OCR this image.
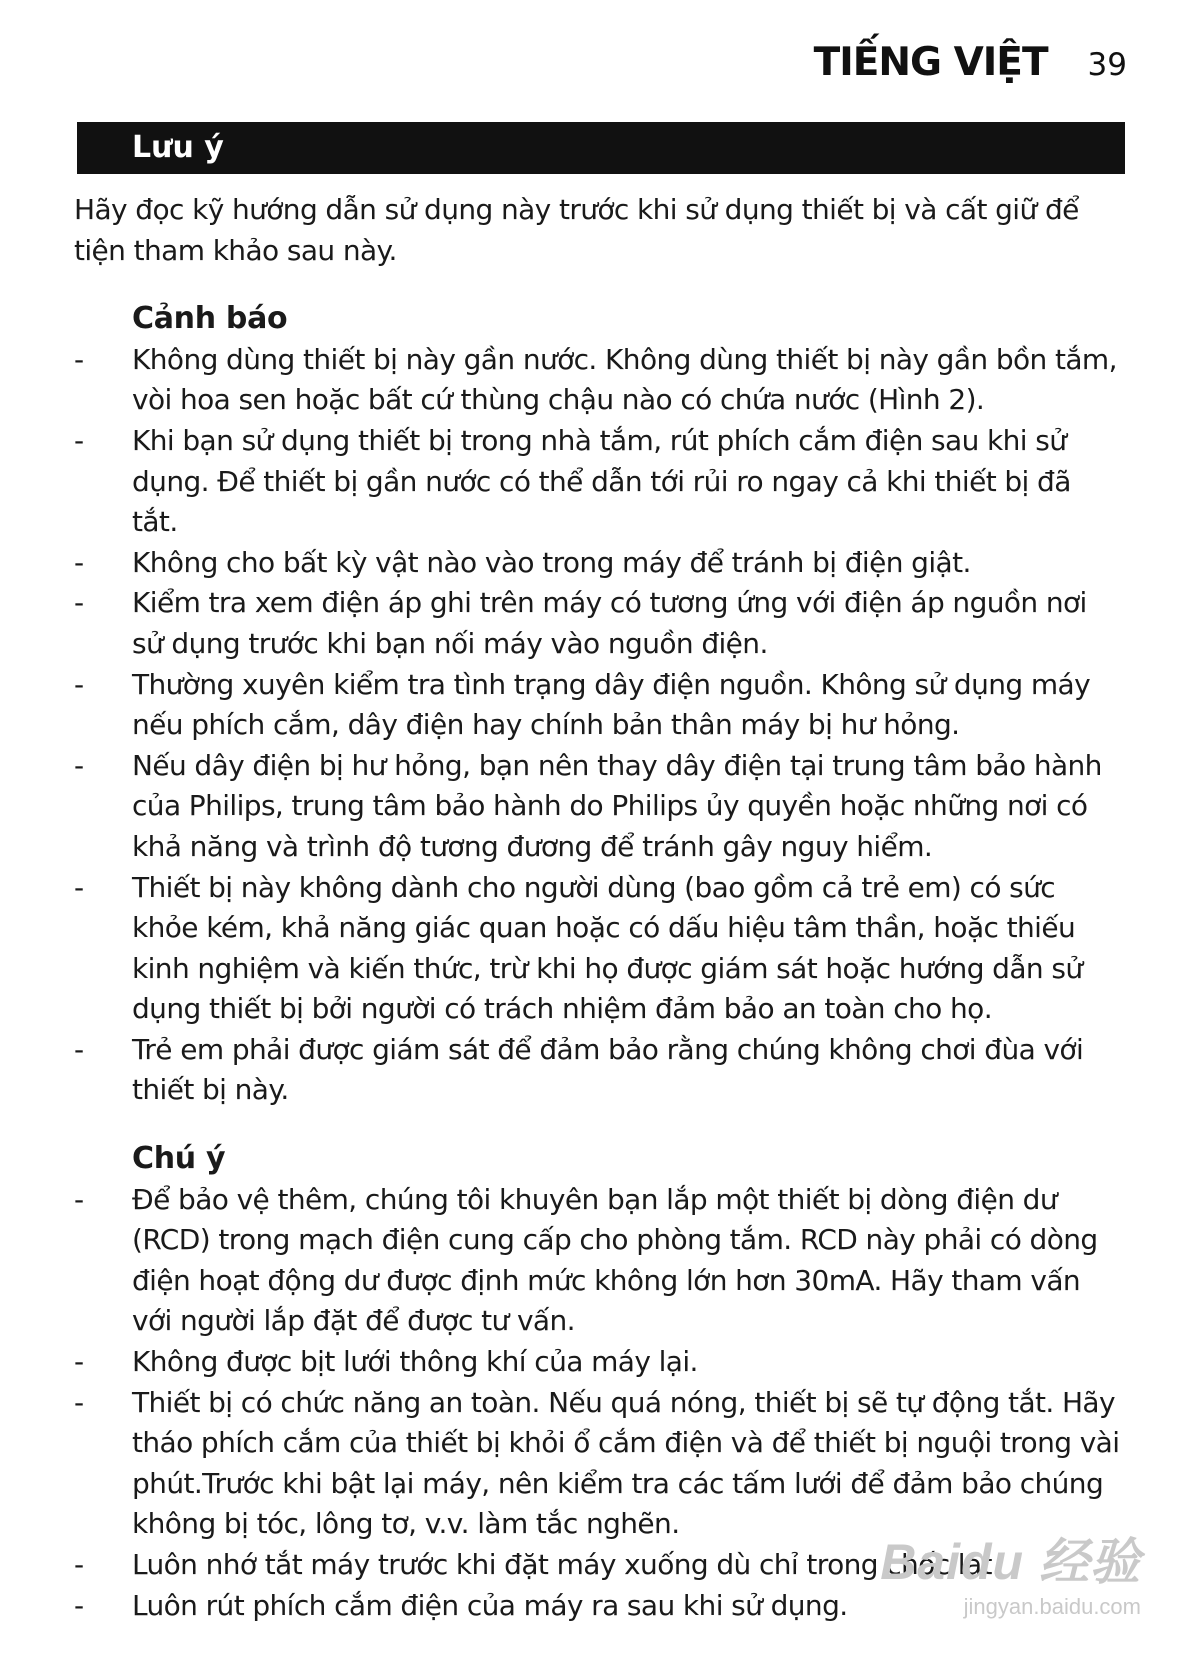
TIẾNG VIỆT 39
Lưu ý

Hãy đọc kỹ hướng dẫn sử dụng này trước khi sử dụng thiết bị và cất giữ để tiện tham khảo sau này.

Cảnh báo
- Không dùng thiết bị này gần nước. Không dùng thiết bị này gần bồn tắm, vòi hoa sen hoặc bất cứ thùng chậu nào có chứa nước (Hình 2).
- Khi bạn sử dụng thiết bị trong nhà tắm, rút phích cắm điện sau khi sử dụng. Để thiết bị gần nước có thể dẫn tới rủi ro ngay cả khi thiết bị đã tắt.
- Không cho bất kỳ vật nào vào trong máy để tránh bị điện giật.
- Kiểm tra xem điện áp ghi trên máy có tương ứng với điện áp nguồn nơi sử dụng trước khi bạn nối máy vào nguồn điện.
- Thường xuyên kiểm tra tình trạng dây điện nguồn. Không sử dụng máy nếu phích cắm, dây điện hay chính bản thân máy bị hư hỏng.
- Nếu dây điện bị hư hỏng, bạn nên thay dây điện tại trung tâm bảo hành của Philips, trung tâm bảo hành do Philips ủy quyền hoặc những nơi có khả năng và trình độ tương đương để tránh gây nguy hiểm.
- Thiết bị này không dành cho người dùng (bao gồm cả trẻ em) có sức khỏe kém, khả năng giác quan hoặc có dấu hiệu tâm thần, hoặc thiếu kinh nghiệm và kiến thức, trừ khi họ được giám sát hoặc hướng dẫn sử dụng thiết bị bởi người có trách nhiệm đảm bảo an toàn cho họ.
- Trẻ em phải được giám sát để đảm bảo rằng chúng không chơi đùa với thiết bị này.
Chú ý
- Để bảo vệ thêm, chúng tôi khuyên bạn lắp một thiết bị dòng điện dư (RCD) trong mạch điện cung cấp cho phòng tắm. RCD này phải có dòng điện hoạt động dư được định mức không lớn hơn 30mA. Hãy tham vấn với người lắp đặt để được tư vấn.
- Không được bịt lưới thông khí của máy lại.
- Thiết bị có chức năng an toàn. Nếu quá nóng, thiết bị sẽ tự động tắt. Hãy tháo phích cắm của thiết bị khỏi ổ cắm điện và để thiết bị nguội trong vài phút.Trước khi bật lại máy, nên kiểm tra các tấm lưới để đảm bảo chúng không bị tóc, lông tơ, v.v. làm tắc nghẽn.
- Luôn nhớ tắt máy trước khi đặt máy xuống dù chỉ trong chốc lát.
- Luôn rút phích cắm điện của máy ra sau khi sử dụng.
Baidu 经验
jingyan.baidu.com
